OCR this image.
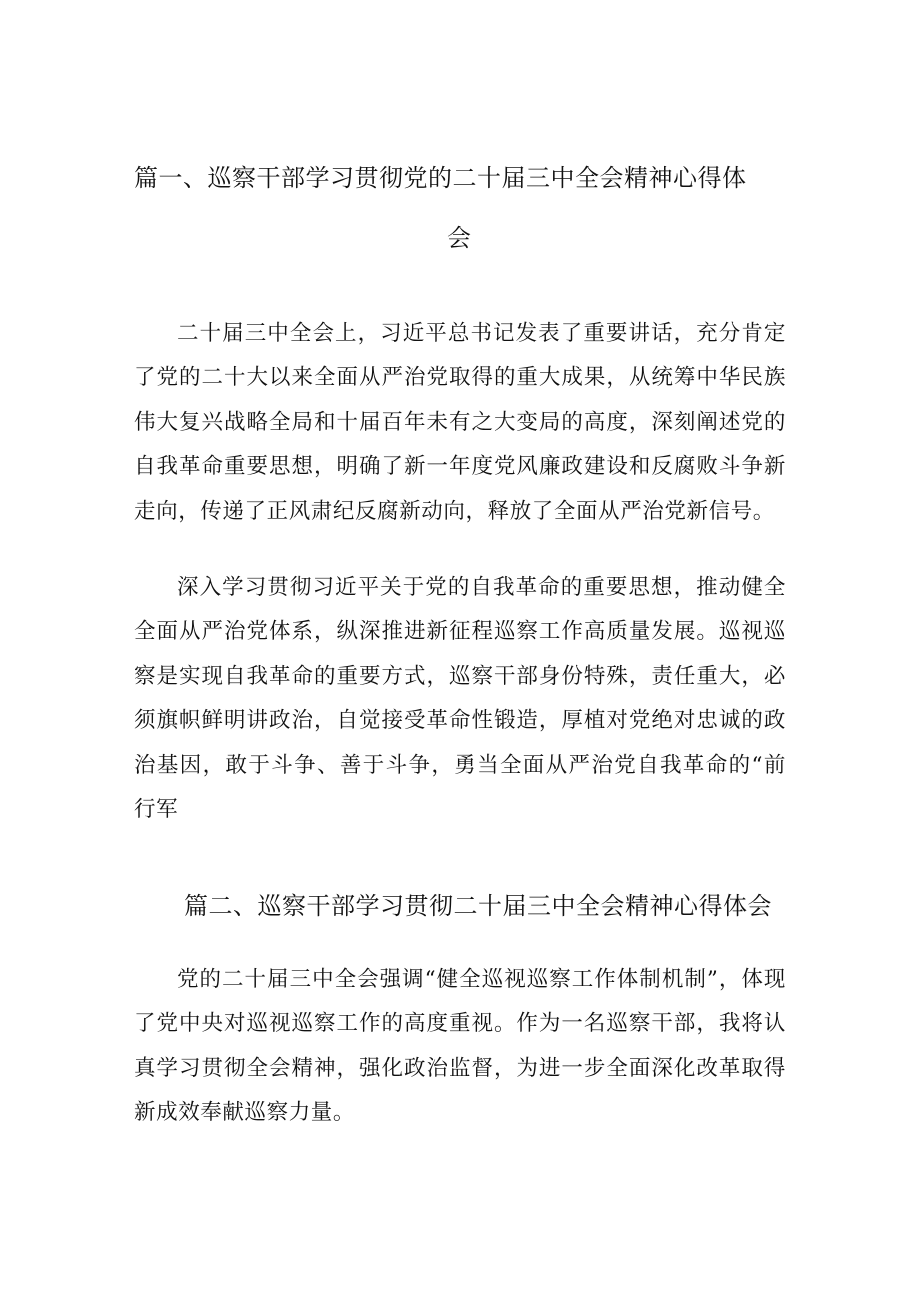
篇一、巡察干部学习贯彻党的二十届三中全会精神心得体
会

二十届三中全会上，习近平总书记发表了重要讲话，充分肯定了党的二十大以来全面从严治党取得的重大成果，从统筹中华民族伟大复兴战略全局和十届百年未有之大变局的高度，深刻阐述党的自我革命重要思想，明确了新一年度党风廉政建设和反腐败斗争新走向，传递了正风肃纪反腐新动向，释放了全面从严治党新信号。

深入学习贯彻习近平关于党的自我革命的重要思想，推动健全全面从严治党体系，纵深推进新征程巡察工作高质量发展。巡视巡察是实现自我革命的重要方式，巡察干部身份特殊，责任重大，必须旗帜鲜明讲政治，自觉接受革命性锻造，厚植对党绝对忠诚的政治基因，敢于斗争、善于斗争，勇当全面从严治党自我革命的“前行军

篇二、巡察干部学习贯彻二十届三中全会精神心得体会

党的二十届三中全会强调“健全巡视巡察工作体制机制”，体现了党中央对巡视巡察工作的高度重视。作为一名巡察干部，我将认真学习贯彻全会精神，强化政治监督，为进一步全面深化改革取得新成效奉献巡察力量。
